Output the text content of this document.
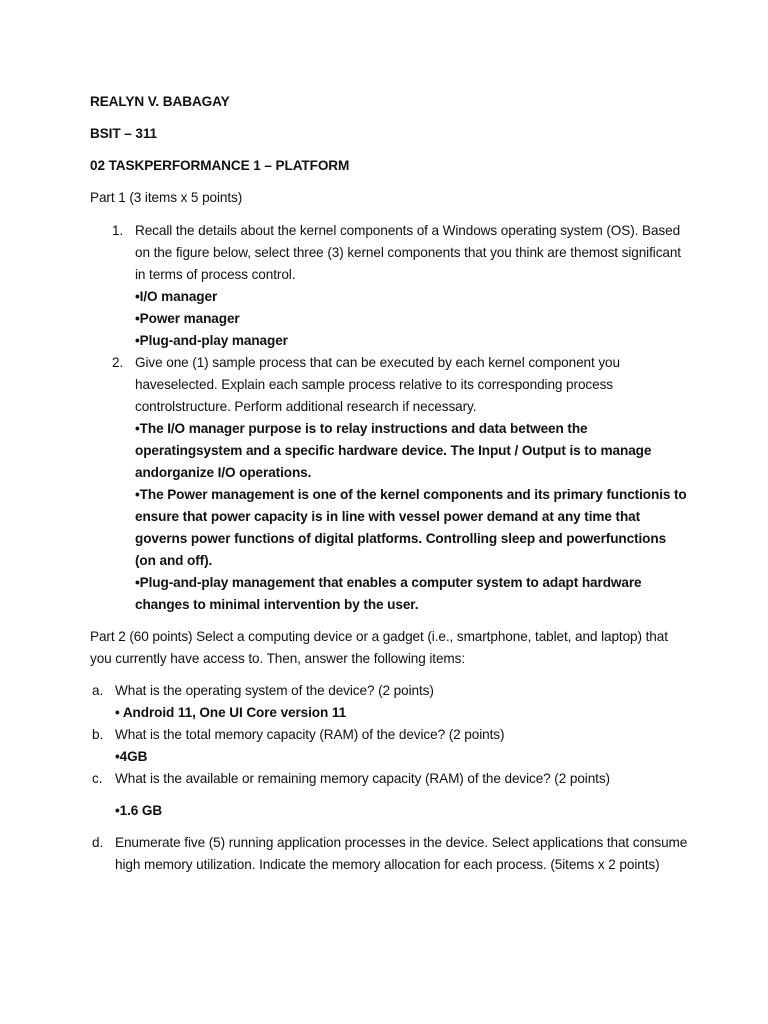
REALYN V. BABAGAY

BSIT – 311

02 TASKPERFORMANCE 1 – PLATFORM

Part 1 (3 items x 5 points)

1. Recall the details about the kernel components of a Windows operating system (OS). Based on the figure below, select three (3) kernel components that you think are themost significant in terms of process control.

•I/O manager

•Power manager

•Plug-and-play manager

2. Give one (1) sample process that can be executed by each kernel component you haveselected. Explain each sample process relative to its corresponding process controlstructure. Perform additional research if necessary.

•The I/O manager purpose is to relay instructions and data between the operatingsystem and a specific hardware device. The Input / Output is to manage andorganize I/O operations.

•The Power management is one of the kernel components and its primary functionis to ensure that power capacity is in line with vessel power demand at any time that governs power functions of digital platforms. Controlling sleep and powerfunctions (on and off).

•Plug-and-play management that enables a computer system to adapt hardware changes to minimal intervention by the user.

Part 2 (60 points) Select a computing device or a gadget (i.e., smartphone, tablet, and laptop) that you currently have access to. Then, answer the following items:

a. What is the operating system of the device? (2 points)

• Android 11, One UI Core version 11

b. What is the total memory capacity (RAM) of the device? (2 points)

•4GB

c. What is the available or remaining memory capacity (RAM) of the device? (2 points)

•1.6 GB

d. Enumerate five (5) running application processes in the device. Select applications that consume high memory utilization. Indicate the memory allocation for each process. (5items x 2 points)
